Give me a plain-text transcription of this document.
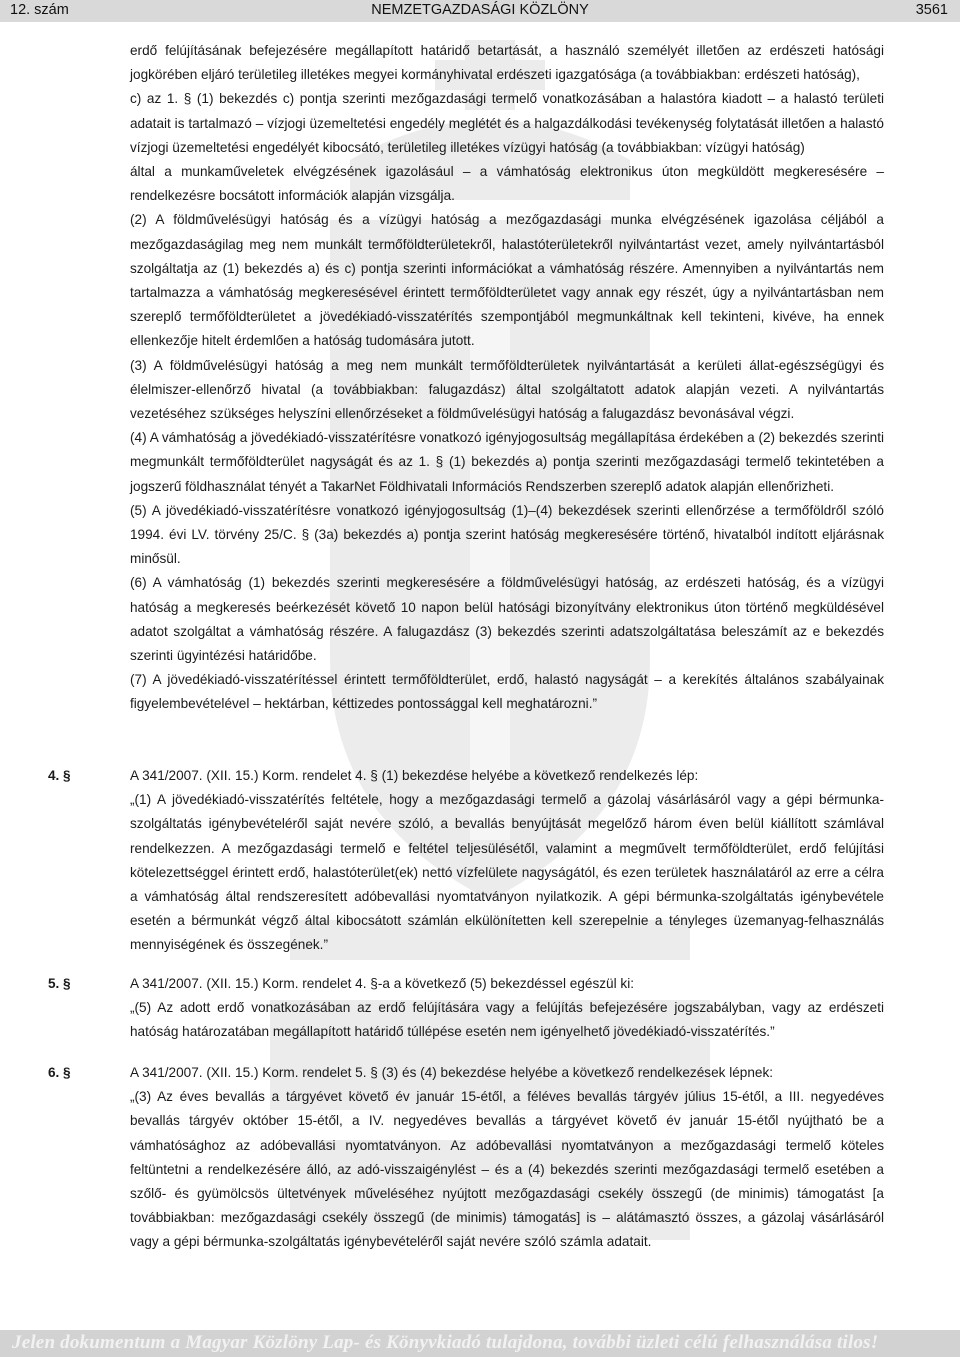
NEMZETGAZDASÁGI KÖZLÖNY
12. szám	3561

erdő felújításának befejezésére megállapított határidő betartását, a használó személyét illetően az erdészeti hatósági jogkörében eljáró területileg illetékes megyei kormányhivatal erdészeti igazgatósága (a továbbiakban: erdészeti hatóság),

c) az 1. § (1) bekezdés c) pontja szerinti mezőgazdasági termelő vonatkozásában a halastóra kiadott – a halastó területi adatait is tartalmazó – vízjogi üzemeltetési engedély meglétét és a halgazdálkodási tevékenység folytatását illetően a halastó vízjogi üzemeltetési engedélyét kibocsátó, területileg illetékes vízügyi hatóság (a továbbiakban: vízügyi hatóság)

által a munkaműveletek elvégzésének igazolásául – a vámhatóság elektronikus úton megküldött megkeresésére – rendelkezésre bocsátott információk alapján vizsgálja.

(2) A földművelésügyi hatóság és a vízügyi hatóság a mezőgazdasági munka elvégzésének igazolása céljából a mezőgazdaságilag meg nem munkált termőföldterületekről, halastóterületekről nyilvántartást vezet, amely nyilvántartásból szolgáltatja az (1) bekezdés a) és c) pontja szerinti információkat a vámhatóság részére. Amennyiben a nyilvántartás nem tartalmazza a vámhatóság megkeresésével érintett termőföldterületet vagy annak egy részét, úgy a nyilvántartásban nem szereplő termőföldterületet a jövedékiadó-visszatérítés szempontjából megmunkáltnak kell tekinteni, kivéve, ha ennek ellenkezője hitelt érdemlően a hatóság tudomására jutott.

(3) A földművelésügyi hatóság a meg nem munkált termőföldterületek nyilvántartását a kerületi állat-egészségügyi és élelmiszer-ellenőrző hivatal (a továbbiakban: falugazdász) által szolgáltatott adatok alapján vezeti. A nyilvántartás vezetéséhez szükséges helyszíni ellenőrzéseket a földművelésügyi hatóság a falugazdász bevonásával végzi.

(4) A vámhatóság a jövedékiadó-visszatérítésre vonatkozó igényjogosultság megállapítása érdekében a (2) bekezdés szerinti megmunkált termőföldterület nagyságát és az 1. § (1) bekezdés a) pontja szerinti mezőgazdasági termelő tekintetében a jogszerű földhasználat tényét a TakarNet Földhivatali Információs Rendszerben szereplő adatok alapján ellenőrizheti.

(5) A jövedékiadó-visszatérítésre vonatkozó igényjogosultság (1)–(4) bekezdések szerinti ellenőrzése a termőföldről szóló 1994. évi LV. törvény 25/C. § (3a) bekezdés a) pontja szerint hatóság megkeresésére történő, hivatalból indított eljárásnak minősül.

(6) A vámhatóság (1) bekezdés szerinti megkeresésére a földművelésügyi hatóság, az erdészeti hatóság, és a vízügyi hatóság a megkeresés beérkezését követő 10 napon belül hatósági bizonyítvány elektronikus úton történő megküldésével adatot szolgáltat a vámhatóság részére. A falugazdász (3) bekezdés szerinti adatszolgáltatása beleszámít az e bekezdés szerinti ügyintézési határidőbe.

(7) A jövedékiadó-visszatérítéssel érintett termőföldterület, erdő, halastó nagyságát – a kerekítés általános szabályainak figyelembevételével – hektárban, kéttizedes pontossággal kell meghatározni.”

4. §	A 341/2007. (XII. 15.) Korm. rendelet 4. § (1) bekezdése helyébe a következő rendelkezés lép:

„(1) A jövedékiadó-visszatérítés feltétele, hogy a mezőgazdasági termelő a gázolaj vásárlásáról vagy a gépi bérmunka-szolgáltatás igénybevételéről saját nevére szóló, a bevallás benyújtását megelőző három éven belül kiállított számlával rendelkezzen. A mezőgazdasági termelő e feltétel teljesülésétől, valamint a megművelt termőföldterület, erdő felújítási kötelezettséggel érintett erdő, halastóterület(ek) nettó vízfelülete nagyságától, és ezen területek használatáról az erre a célra a vámhatóság által rendszeresített adóbevallási nyomtatványon nyilatkozik. A gépi bérmunka-szolgáltatás igénybevétele esetén a bérmunkát végző által kibocsátott számlán elkülönítetten kell szerepelnie a tényleges üzemanyag-felhasználás mennyiségének és összegének.”

5. §	A 341/2007. (XII. 15.) Korm. rendelet 4. §-a a következő (5) bekezdéssel egészül ki:

„(5) Az adott erdő vonatkozásában az erdő felújítására vagy a felújítás befejezésére jogszabályban, vagy az erdészeti hatóság határozatában megállapított határidő túllépése esetén nem igényelhető jövedékiadó-visszatérítés.”

6. §	A 341/2007. (XII. 15.) Korm. rendelet 5. § (3) és (4) bekezdése helyébe a következő rendelkezések lépnek:

„(3) Az éves bevallás a tárgyévet követő év január 15-étől, a féléves bevallás tárgyév július 15-étől, a III. negyedéves bevallás tárgyév október 15-étől, a IV. negyedéves bevallás a tárgyévet követő év január 15-étől nyújtható be a vámhatósághoz az adóbevallási nyomtatványon. Az adóbevallási nyomtatványon a mezőgazdasági termelő köteles feltüntetni a rendelkezésére álló, az adó-visszaigénylést – és a (4) bekezdés szerinti mezőgazdasági termelő esetében a szőlő- és gyümölcsös ültetvények műveléséhez nyújtott mezőgazdasági csekély összegű (de minimis) támogatást [a továbbiakban: mezőgazdasági csekély összegű (de minimis) támogatás] is – alátámasztó összes, a gázolaj vásárlásáról vagy a gépi bérmunka-szolgáltatás igénybevételéről saját nevére szóló számla adatait.

Jelen dokumentum a Magyar Közlöny Lap- és Könyvkiadó tulajdona, további üzleti célú felhasználása tilos!
